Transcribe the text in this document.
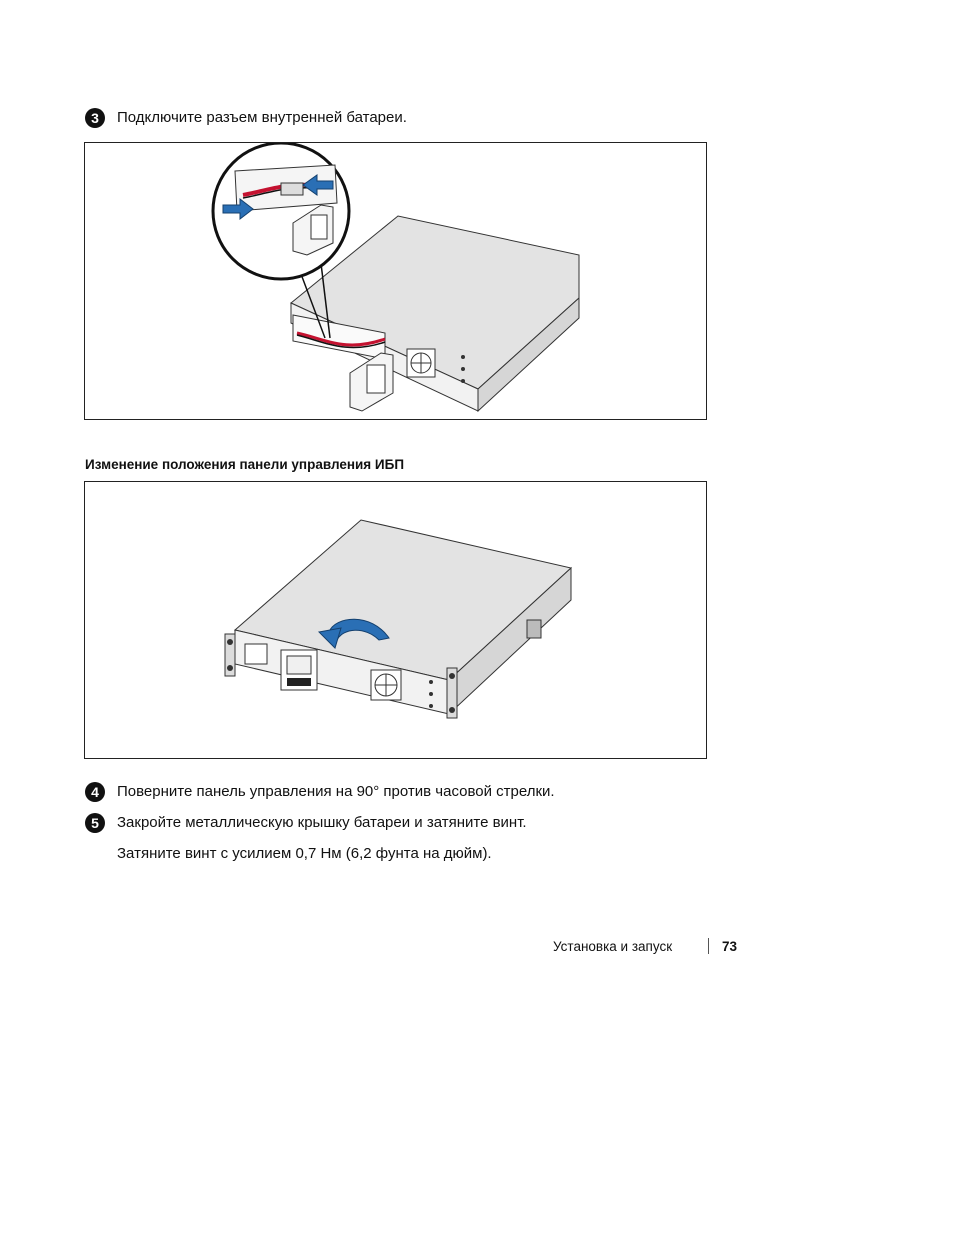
3	Подключите разъем внутренней батареи.
Изменение положения панели управления ИБП
4	Поверните панель управления на 90° против часовой стрелки.
5	Закройте металлическую крышку батареи и затяните винт.
Затяните винт с усилием 0,7 Нм (6,2 фунта на дюйм).
Установка и запуск	73
